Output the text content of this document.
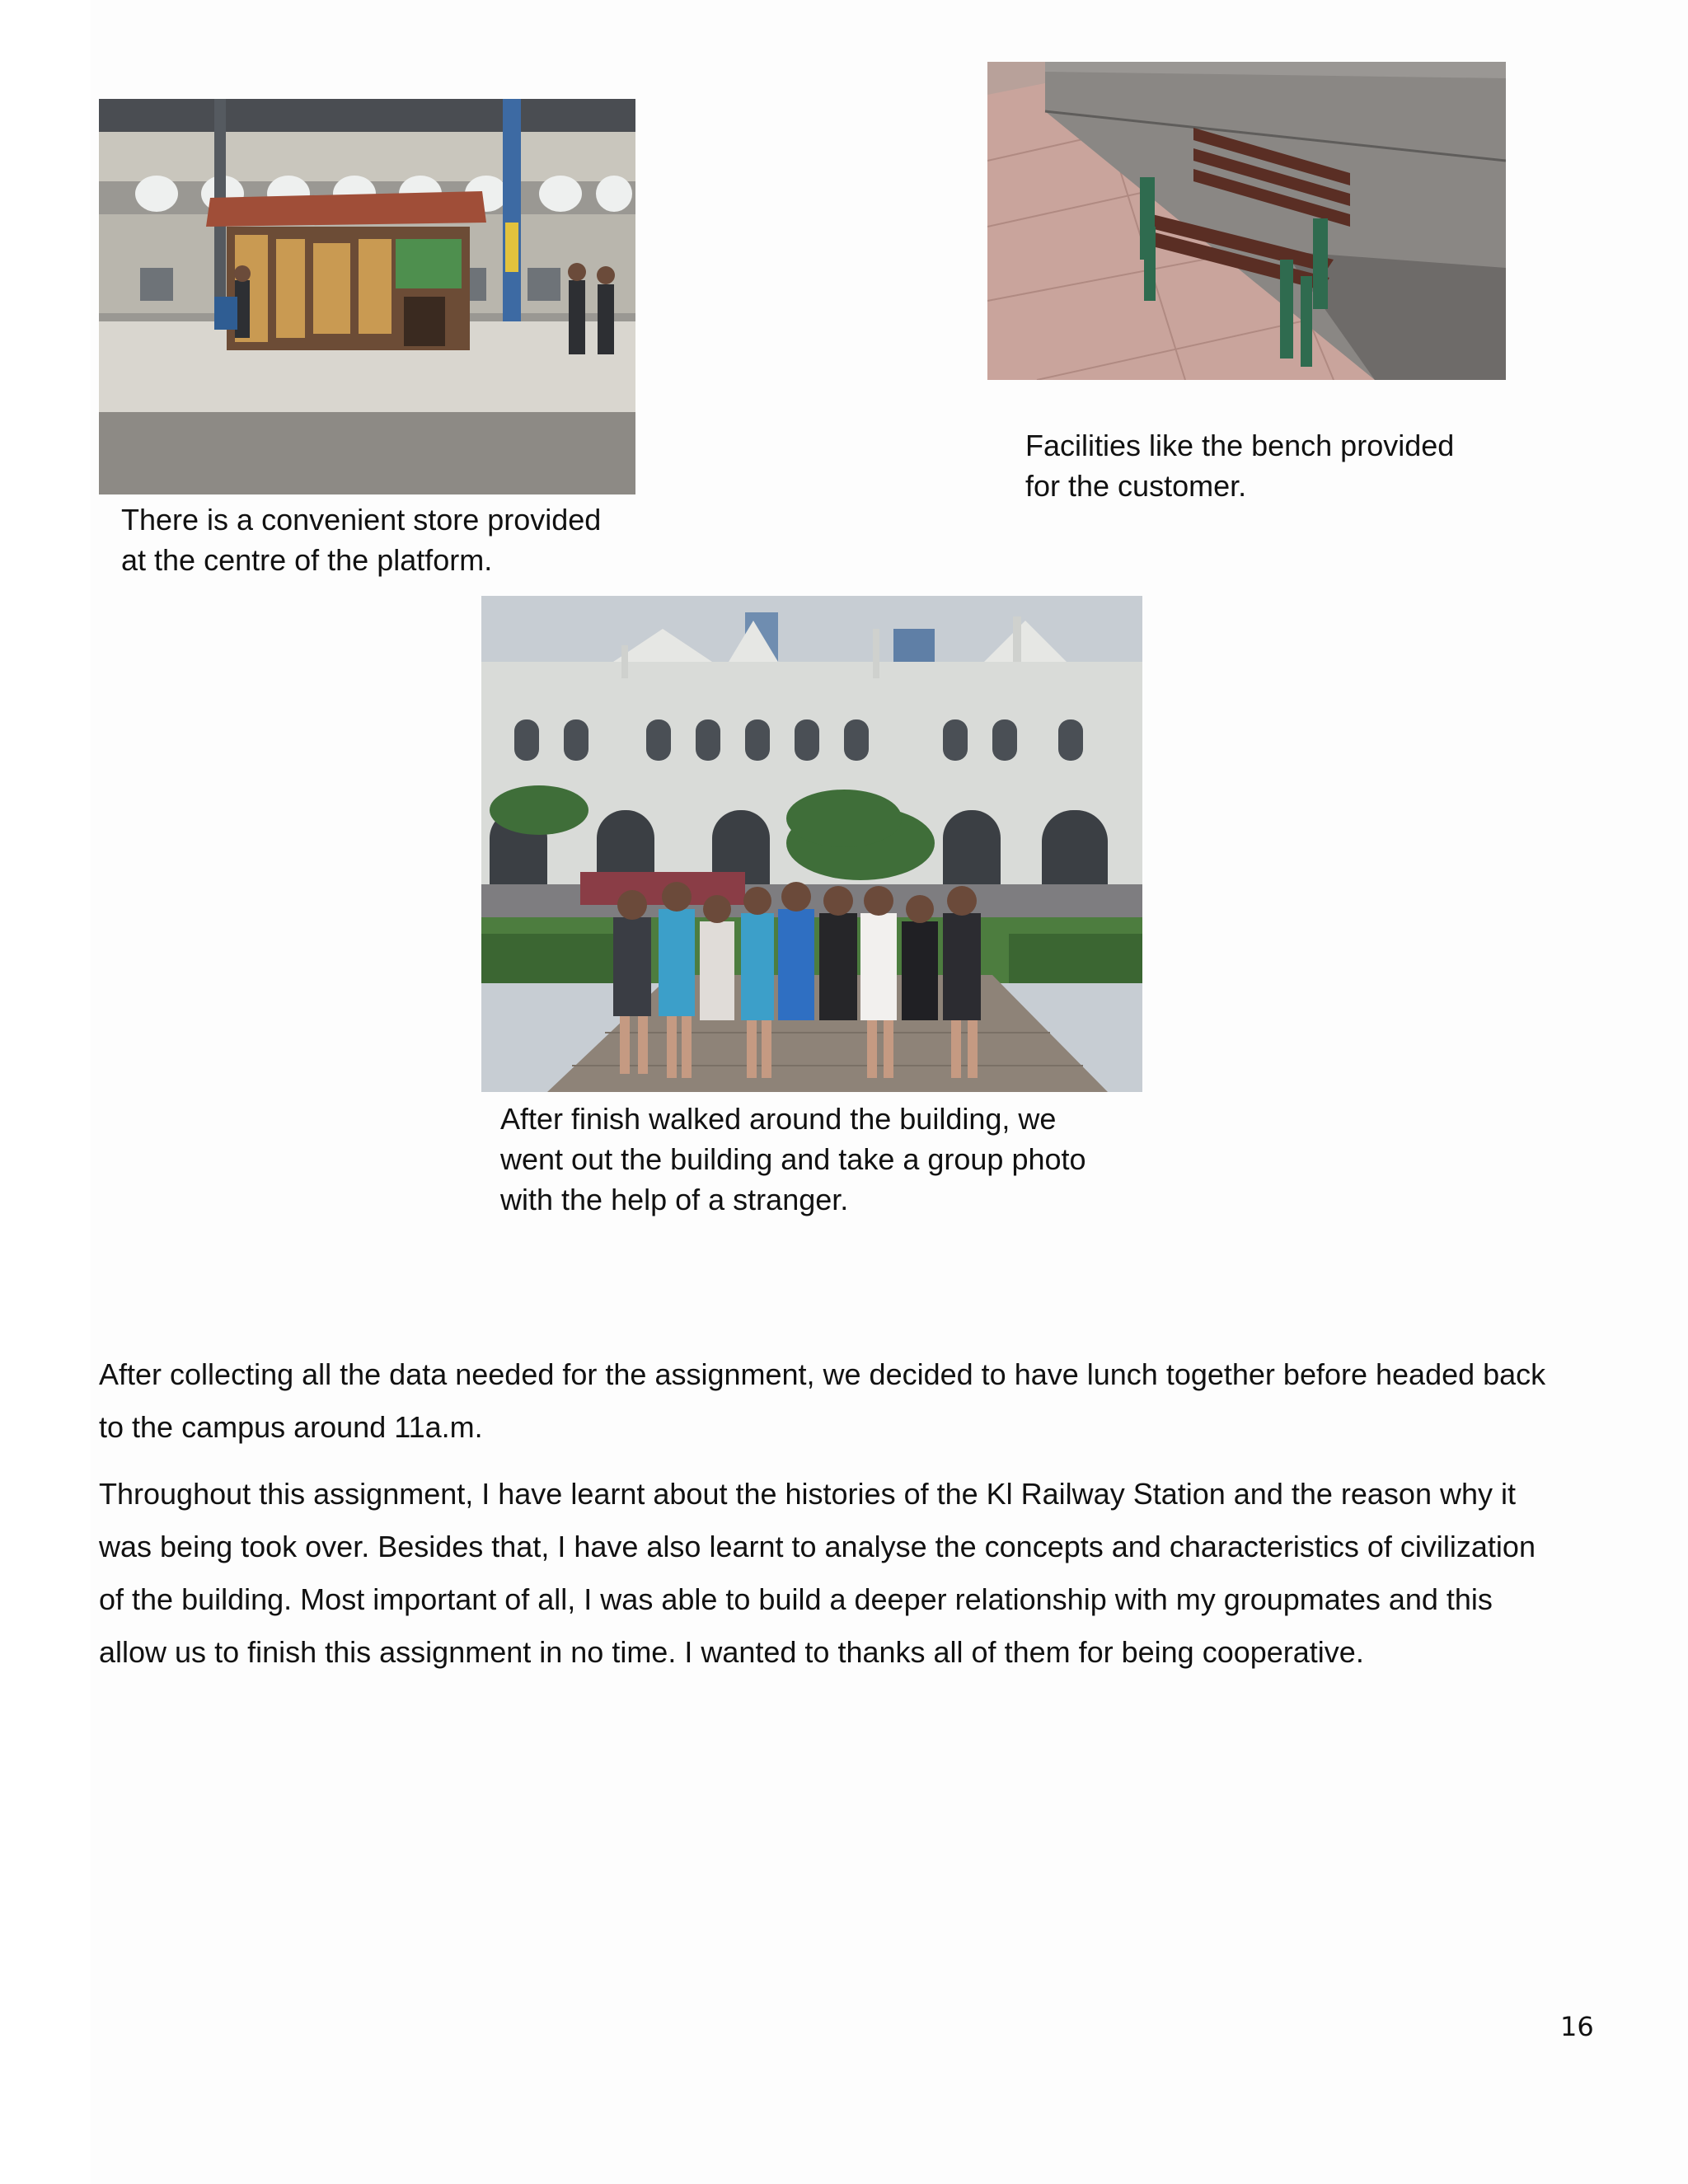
There is a convenient store provided
at the centre of the platform.
Facilities like the bench provided
for the customer.
After finish walked around the building, we
went out the building and take a group photo
with the help of a stranger.
After collecting all the data needed for the assignment, we decided to have lunch together before headed back
to the campus around 11a.m.
Throughout this assignment, I have learnt about the histories of the Kl Railway Station and the reason why it
was being took over. Besides that, I have also learnt to analyse the concepts and characteristics of civilization
of the building. Most important of all, I was able to build a deeper relationship with my groupmates and this
allow us to finish this assignment in no time. I wanted to thanks all of them for being cooperative.
16
